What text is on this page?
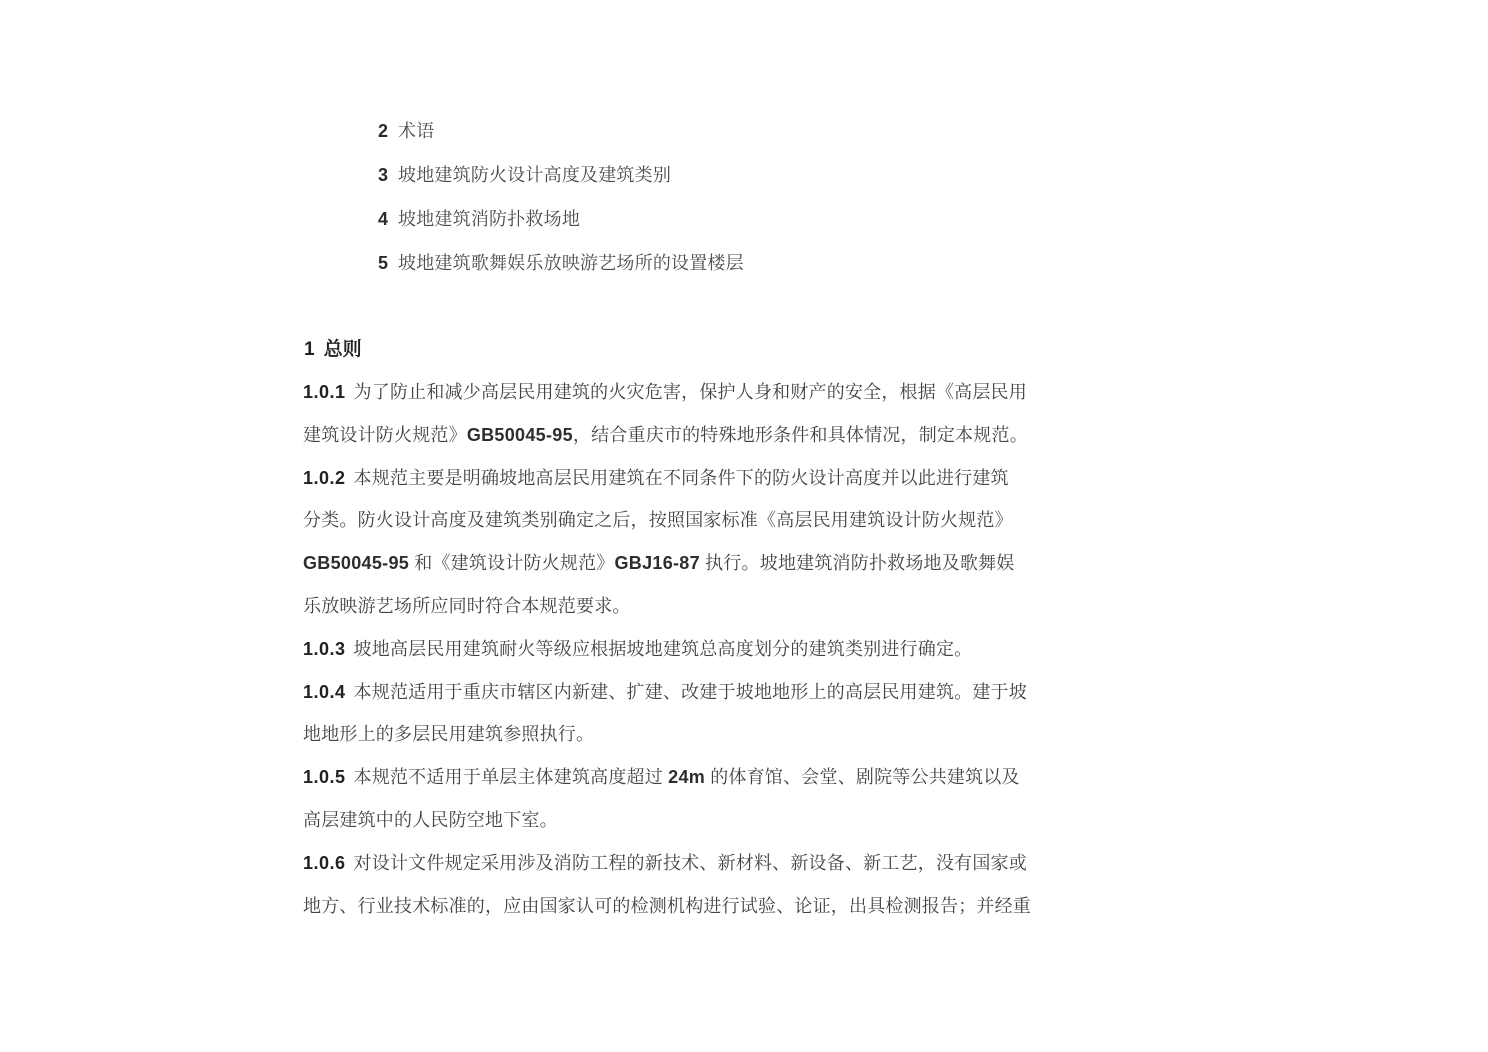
2 术语
3 坡地建筑防火设计高度及建筑类别
4 坡地建筑消防扑救场地
5 坡地建筑歌舞娱乐放映游艺场所的设置楼层
1 总则
1.0.1 为了防止和减少高层民用建筑的火灾危害，保护人身和财产的安全，根据《高层民用
建筑设计防火规范》GB50045-95，结合重庆市的特殊地形条件和具体情况，制定本规范。
1.0.2 本规范主要是明确坡地高层民用建筑在不同条件下的防火设计高度并以此进行建筑
分类。防火设计高度及建筑类别确定之后，按照国家标准《高层民用建筑设计防火规范》
GB50045-95 和《建筑设计防火规范》GBJ16-87 执行。坡地建筑消防扑救场地及歌舞娱
乐放映游艺场所应同时符合本规范要求。
1.0.3 坡地高层民用建筑耐火等级应根据坡地建筑总高度划分的建筑类别进行确定。
1.0.4 本规范适用于重庆市辖区内新建、扩建、改建于坡地地形上的高层民用建筑。建于坡
地地形上的多层民用建筑参照执行。
1.0.5 本规范不适用于单层主体建筑高度超过 24m 的体育馆、会堂、剧院等公共建筑以及
高层建筑中的人民防空地下室。
1.0.6 对设计文件规定采用涉及消防工程的新技术、新材料、新设备、新工艺，没有国家或
地方、行业技术标准的，应由国家认可的检测机构进行试验、论证，出具检测报告；并经重
